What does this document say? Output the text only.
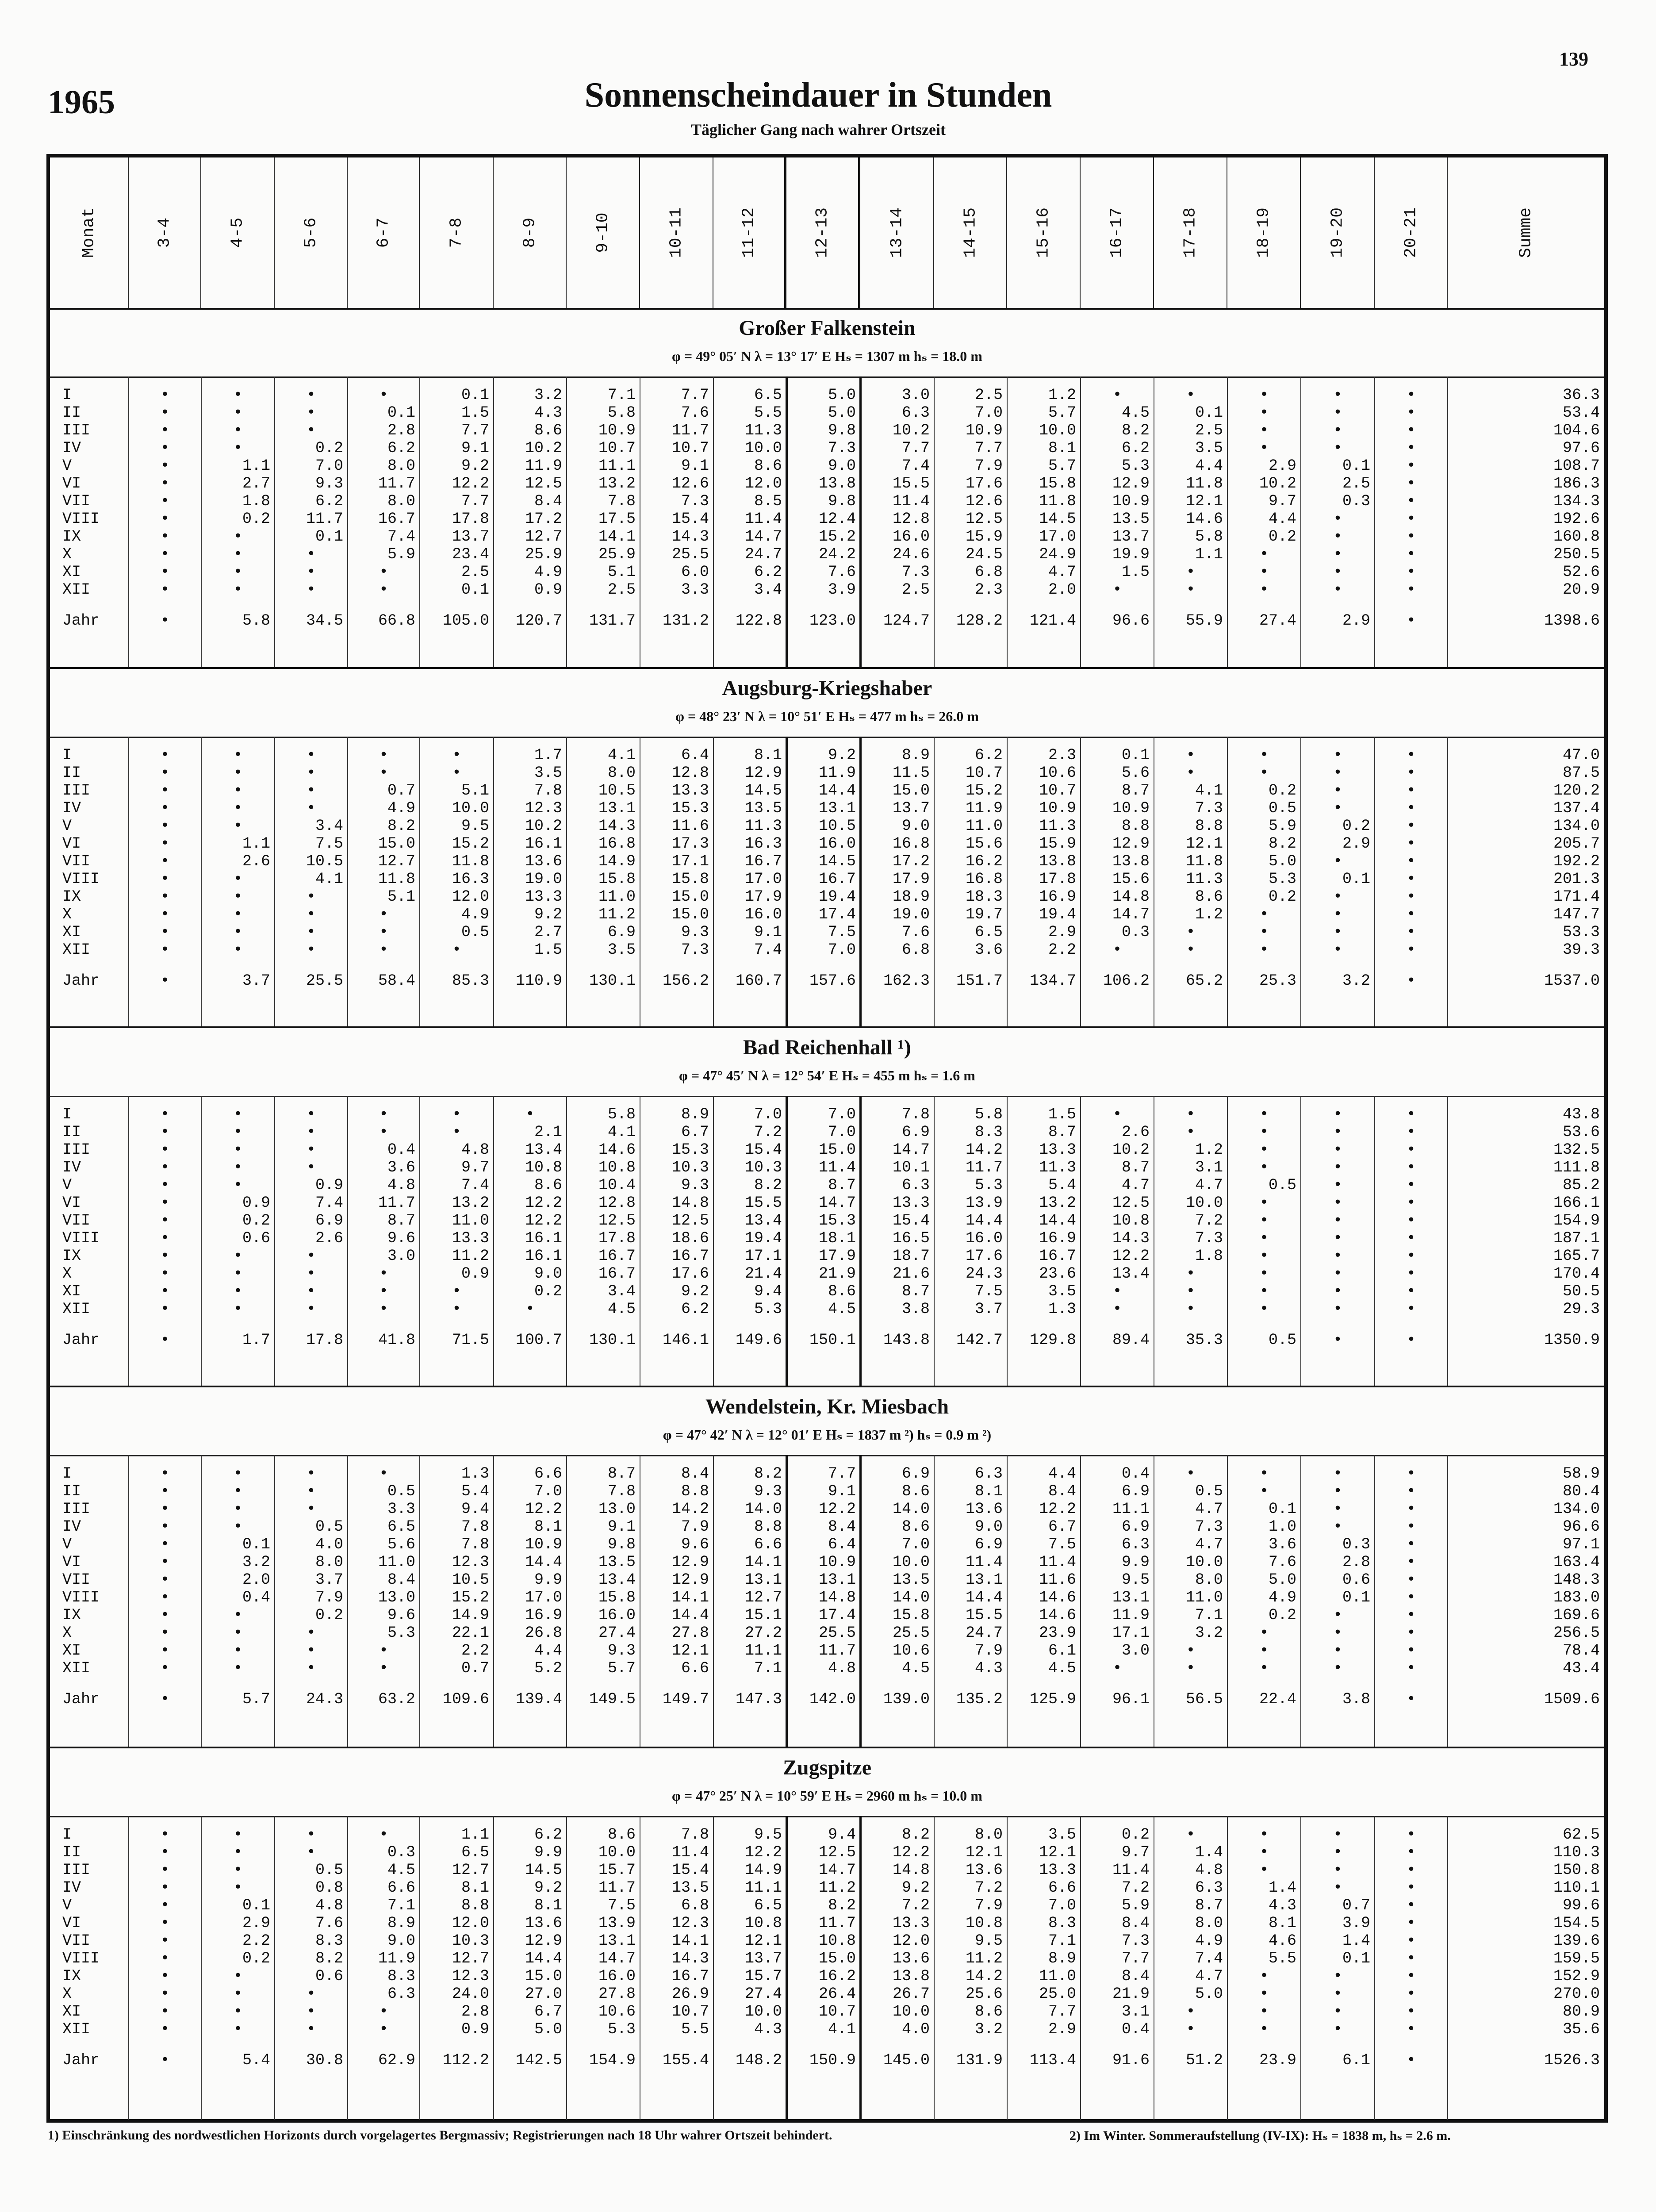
139
1965	Sonnenscheindauer in Stunden
Täglicher Gang nach wahrer Ortszeit
Monat	3-4	4-5	5-6	6-7	7-8	8-9	9-10	10-11	11-12	12-13	13-14	14-15	15-16	16-17	17-18	18-19	19-20	20-21	Summe
Großer Falkenstein
φ = 49° 05′ N λ = 13° 17′ E Hₛ = 1307 m hₛ = 18.0 m
I	•	•	•	•	0.1	3.2	7.1	7.7	6.5	5.0	3.0	2.5	1.2	•	•	•	•	•	36.3
II	•	•	•	0.1	1.5	4.3	5.8	7.6	5.5	5.0	6.3	7.0	5.7	4.5	0.1	•	•	•	53.4
III	•	•	•	2.8	7.7	8.6	10.9	11.7	11.3	9.8	10.2	10.9	10.0	8.2	2.5	•	•	•	104.6
IV	•	•	0.2	6.2	9.1	10.2	10.7	10.7	10.0	7.3	7.7	7.7	8.1	6.2	3.5	•	•	•	97.6
V	•	1.1	7.0	8.0	9.2	11.9	11.1	9.1	8.6	9.0	7.4	7.9	5.7	5.3	4.4	2.9	0.1	•	108.7
VI	•	2.7	9.3	11.7	12.2	12.5	13.2	12.6	12.0	13.8	15.5	17.6	15.8	12.9	11.8	10.2	2.5	•	186.3
VII	•	1.8	6.2	8.0	7.7	8.4	7.8	7.3	8.5	9.8	11.4	12.6	11.8	10.9	12.1	9.7	0.3	•	134.3
VIII	•	0.2	11.7	16.7	17.8	17.2	17.5	15.4	11.4	12.4	12.8	12.5	14.5	13.5	14.6	4.4	•	•	192.6
IX	•	•	0.1	7.4	13.7	12.7	14.1	14.3	14.7	15.2	16.0	15.9	17.0	13.7	5.8	0.2	•	•	160.8
X	•	•	•	5.9	23.4	25.9	25.9	25.5	24.7	24.2	24.6	24.5	24.9	19.9	1.1	•	•	•	250.5
XI	•	•	•	•	2.5	4.9	5.1	6.0	6.2	7.6	7.3	6.8	4.7	1.5	•	•	•	•	52.6
XII	•	•	•	•	0.1	0.9	2.5	3.3	3.4	3.9	2.5	2.3	2.0	•	•	•	•	•	20.9
Jahr	•	5.8	34.5	66.8	105.0	120.7	131.7	131.2	122.8	123.0	124.7	128.2	121.4	96.6	55.9	27.4	2.9	•	1398.6
Augsburg-Kriegshaber
φ = 48° 23′ N λ = 10° 51′ E Hₛ = 477 m hₛ = 26.0 m
I	•	•	•	•	•	1.7	4.1	6.4	8.1	9.2	8.9	6.2	2.3	0.1	•	•	•	•	47.0
II	•	•	•	•	•	3.5	8.0	12.8	12.9	11.9	11.5	10.7	10.6	5.6	•	•	•	•	87.5
III	•	•	•	0.7	5.1	7.8	10.5	13.3	14.5	14.4	15.0	15.2	10.7	8.7	4.1	0.2	•	•	120.2
IV	•	•	•	4.9	10.0	12.3	13.1	15.3	13.5	13.1	13.7	11.9	10.9	10.9	7.3	0.5	•	•	137.4
V	•	•	3.4	8.2	9.5	10.2	14.3	11.6	11.3	10.5	9.0	11.0	11.3	8.8	8.8	5.9	0.2	•	134.0
VI	•	1.1	7.5	15.0	15.2	16.1	16.8	17.3	16.3	16.0	16.8	15.6	15.9	12.9	12.1	8.2	2.9	•	205.7
VII	•	2.6	10.5	12.7	11.8	13.6	14.9	17.1	16.7	14.5	17.2	16.2	13.8	13.8	11.8	5.0	•	•	192.2
VIII	•	•	4.1	11.8	16.3	19.0	15.8	15.8	17.0	16.7	17.9	16.8	17.8	15.6	11.3	5.3	0.1	•	201.3
IX	•	•	•	5.1	12.0	13.3	11.0	15.0	17.9	19.4	18.9	18.3	16.9	14.8	8.6	0.2	•	•	171.4
X	•	•	•	•	4.9	9.2	11.2	15.0	16.0	17.4	19.0	19.7	19.4	14.7	1.2	•	•	•	147.7
XI	•	•	•	•	0.5	2.7	6.9	9.3	9.1	7.5	7.6	6.5	2.9	0.3	•	•	•	•	53.3
XII	•	•	•	•	•	1.5	3.5	7.3	7.4	7.0	6.8	3.6	2.2	•	•	•	•	•	39.3
Jahr	•	3.7	25.5	58.4	85.3	110.9	130.1	156.2	160.7	157.6	162.3	151.7	134.7	106.2	65.2	25.3	3.2	•	1537.0
Bad Reichenhall ¹)
φ = 47° 45′ N λ = 12° 54′ E Hₛ = 455 m hₛ = 1.6 m
I	•	•	•	•	•	•	5.8	8.9	7.0	7.0	7.8	5.8	1.5	•	•	•	•	•	43.8
II	•	•	•	•	•	2.1	4.1	6.7	7.2	7.0	6.9	8.3	8.7	2.6	•	•	•	•	53.6
III	•	•	•	0.4	4.8	13.4	14.6	15.3	15.4	15.0	14.7	14.2	13.3	10.2	1.2	•	•	•	132.5
IV	•	•	•	3.6	9.7	10.8	10.8	10.3	10.3	11.4	10.1	11.7	11.3	8.7	3.1	•	•	•	111.8
V	•	•	0.9	4.8	7.4	8.6	10.4	9.3	8.2	8.7	6.3	5.3	5.4	4.7	4.7	0.5	•	•	85.2
VI	•	0.9	7.4	11.7	13.2	12.2	12.8	14.8	15.5	14.7	13.3	13.9	13.2	12.5	10.0	•	•	•	166.1
VII	•	0.2	6.9	8.7	11.0	12.2	12.5	12.5	13.4	15.3	15.4	14.4	14.4	10.8	7.2	•	•	•	154.9
VIII	•	0.6	2.6	9.6	13.3	16.1	17.8	18.6	19.4	18.1	16.5	16.0	16.9	14.3	7.3	•	•	•	187.1
IX	•	•	•	3.0	11.2	16.1	16.7	16.7	17.1	17.9	18.7	17.6	16.7	12.2	1.8	•	•	•	165.7
X	•	•	•	•	0.9	9.0	16.7	17.6	21.4	21.9	21.6	24.3	23.6	13.4	•	•	•	•	170.4
XI	•	•	•	•	•	0.2	3.4	9.2	9.4	8.6	8.7	7.5	3.5	•	•	•	•	•	50.5
XII	•	•	•	•	•	•	4.5	6.2	5.3	4.5	3.8	3.7	1.3	•	•	•	•	•	29.3
Jahr	•	1.7	17.8	41.8	71.5	100.7	130.1	146.1	149.6	150.1	143.8	142.7	129.8	89.4	35.3	0.5	•	•	1350.9
Wendelstein, Kr. Miesbach
φ = 47° 42′ N λ = 12° 01′ E Hₛ = 1837 m ²) hₛ = 0.9 m ²)
I	•	•	•	•	1.3	6.6	8.7	8.4	8.2	7.7	6.9	6.3	4.4	0.4	•	•	•	•	58.9
II	•	•	•	0.5	5.4	7.0	7.8	8.8	9.3	9.1	8.6	8.1	8.4	6.9	0.5	•	•	•	80.4
III	•	•	•	3.3	9.4	12.2	13.0	14.2	14.0	12.2	14.0	13.6	12.2	11.1	4.7	0.1	•	•	134.0
IV	•	•	0.5	6.5	7.8	8.1	9.1	7.9	8.8	8.4	8.6	9.0	6.7	6.9	7.3	1.0	•	•	96.6
V	•	0.1	4.0	5.6	7.8	10.9	9.8	9.6	6.6	6.4	7.0	6.9	7.5	6.3	4.7	3.6	0.3	•	97.1
VI	•	3.2	8.0	11.0	12.3	14.4	13.5	12.9	14.1	10.9	10.0	11.4	11.4	9.9	10.0	7.6	2.8	•	163.4
VII	•	2.0	3.7	8.4	10.5	9.9	13.4	12.9	13.1	13.1	13.5	13.1	11.6	9.5	8.0	5.0	0.6	•	148.3
VIII	•	0.4	7.9	13.0	15.2	17.0	15.8	14.1	12.7	14.8	14.0	14.4	14.6	13.1	11.0	4.9	0.1	•	183.0
IX	•	•	0.2	9.6	14.9	16.9	16.0	14.4	15.1	17.4	15.8	15.5	14.6	11.9	7.1	0.2	•	•	169.6
X	•	•	•	5.3	22.1	26.8	27.4	27.8	27.2	25.5	25.5	24.7	23.9	17.1	3.2	•	•	•	256.5
XI	•	•	•	•	2.2	4.4	9.3	12.1	11.1	11.7	10.6	7.9	6.1	3.0	•	•	•	•	78.4
XII	•	•	•	•	0.7	5.2	5.7	6.6	7.1	4.8	4.5	4.3	4.5	•	•	•	•	•	43.4
Jahr	•	5.7	24.3	63.2	109.6	139.4	149.5	149.7	147.3	142.0	139.0	135.2	125.9	96.1	56.5	22.4	3.8	•	1509.6
Zugspitze
φ = 47° 25′ N λ = 10° 59′ E Hₛ = 2960 m hₛ = 10.0 m
I	•	•	•	•	1.1	6.2	8.6	7.8	9.5	9.4	8.2	8.0	3.5	0.2	•	•	•	•	62.5
II	•	•	•	0.3	6.5	9.9	10.0	11.4	12.2	12.5	12.2	12.1	12.1	9.7	1.4	•	•	•	110.3
III	•	•	0.5	4.5	12.7	14.5	15.7	15.4	14.9	14.7	14.8	13.6	13.3	11.4	4.8	•	•	•	150.8
IV	•	•	0.8	6.6	8.1	9.2	11.7	13.5	11.1	11.2	9.2	7.2	6.6	7.2	6.3	1.4	•	•	110.1
V	•	0.1	4.8	7.1	8.8	8.1	7.5	6.8	6.5	8.2	7.2	7.9	7.0	5.9	8.7	4.3	0.7	•	99.6
VI	•	2.9	7.6	8.9	12.0	13.6	13.9	12.3	10.8	11.7	13.3	10.8	8.3	8.4	8.0	8.1	3.9	•	154.5
VII	•	2.2	8.3	9.0	10.3	12.9	13.1	14.1	12.1	10.8	12.0	9.5	7.1	7.3	4.9	4.6	1.4	•	139.6
VIII	•	0.2	8.2	11.9	12.7	14.4	14.7	14.3	13.7	15.0	13.6	11.2	8.9	7.7	7.4	5.5	0.1	•	159.5
IX	•	•	0.6	8.3	12.3	15.0	16.0	16.7	15.7	16.2	13.8	14.2	11.0	8.4	4.7	•	•	•	152.9
X	•	•	•	6.3	24.0	27.0	27.8	26.9	27.4	26.4	26.7	25.6	25.0	21.9	5.0	•	•	•	270.0
XI	•	•	•	•	2.8	6.7	10.6	10.7	10.0	10.7	10.0	8.6	7.7	3.1	•	•	•	•	80.9
XII	•	•	•	•	0.9	5.0	5.3	5.5	4.3	4.1	4.0	3.2	2.9	0.4	•	•	•	•	35.6
Jahr	•	5.4	30.8	62.9	112.2	142.5	154.9	155.4	148.2	150.9	145.0	131.9	113.4	91.6	51.2	23.9	6.1	•	1526.3
1) Einschränkung des nordwestlichen Horizonts durch vorgelagertes Bergmassiv; Registrierungen nach 18 Uhr wahrer Ortszeit behindert.	2) Im Winter. Sommeraufstellung (IV-IX): Hₛ = 1838 m, hₛ = 2.6 m.
